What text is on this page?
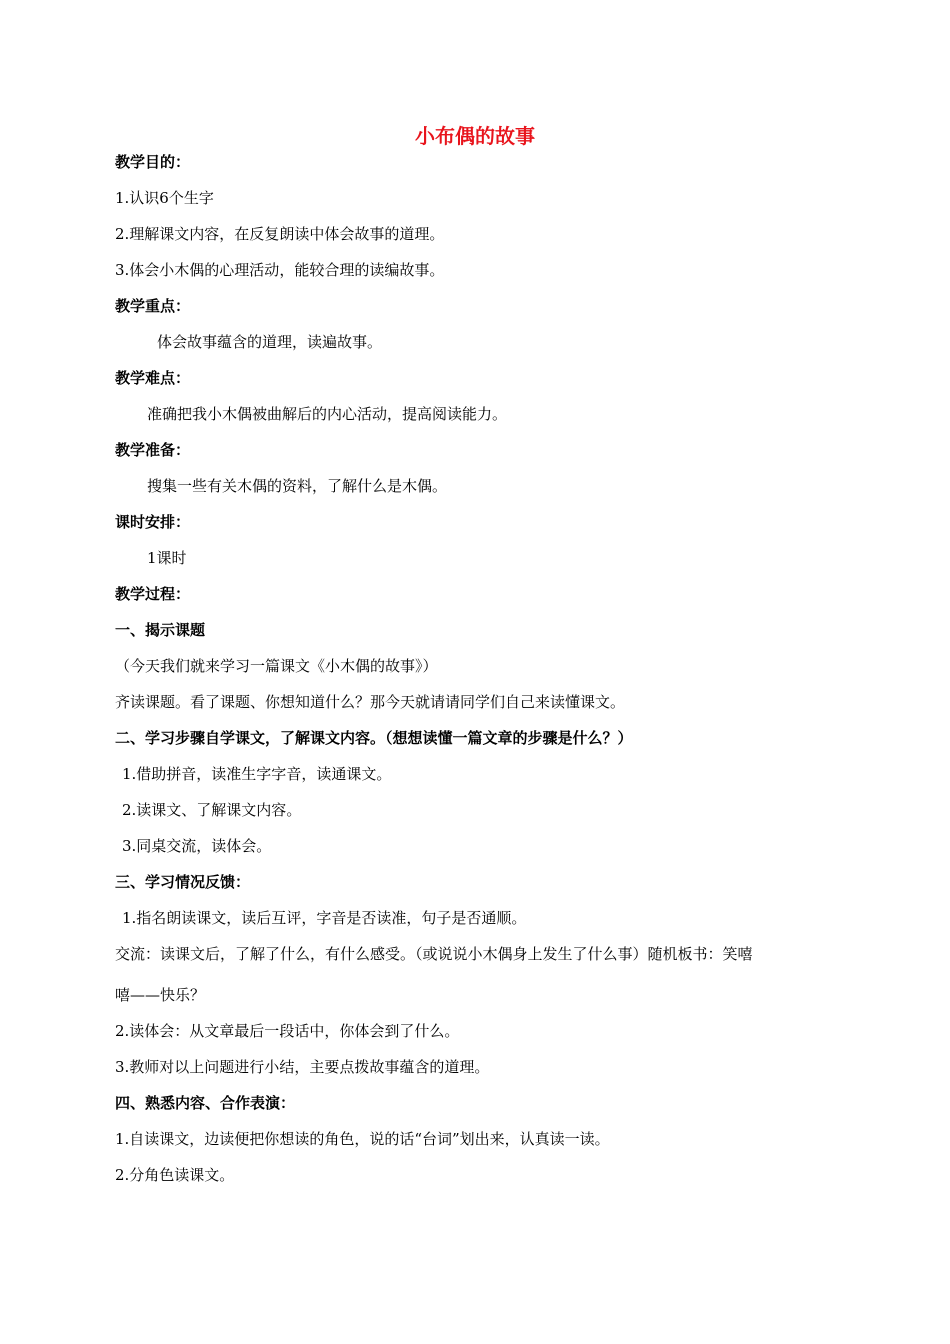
小布偶的故事
教学目的：
1.认识6个生字
2.理解课文内容，在反复朗读中体会故事的道理。
3.体会小木偶的心理活动，能较合理的读编故事。
教学重点：
体会故事蕴含的道理，读遍故事。
教学难点：
准确把我小木偶被曲解后的内心活动，提高阅读能力。
教学准备：
搜集一些有关木偶的资料，了解什么是木偶。
课时安排：
1课时
教学过程：
一、揭示课题
（今天我们就来学习一篇课文《小木偶的故事》）
齐读课题。看了课题、你想知道什么？那今天就请请同学们自己来读懂课文。
二、学习步骤自学课文，了解课文内容。（想想读懂一篇文章的步骤是什么？）
1.借助拼音，读准生字字音，读通课文。
2.读课文、了解课文内容。
3.同桌交流，读体会。
三、学习情况反馈：
1.指名朗读课文，读后互评，字音是否读准，句子是否通顺。
交流：读课文后，了解了什么，有什么感受。（或说说小木偶身上发生了什么事）随机板书：笑嘻
嘻——快乐？
2.读体会：从文章最后一段话中，你体会到了什么。
3.教师对以上问题进行小结，主要点拨故事蕴含的道理。
四、熟悉内容、合作表演：
1.自读课文，边读便把你想读的角色，说的话“台词”划出来，认真读一读。
2.分角色读课文。
